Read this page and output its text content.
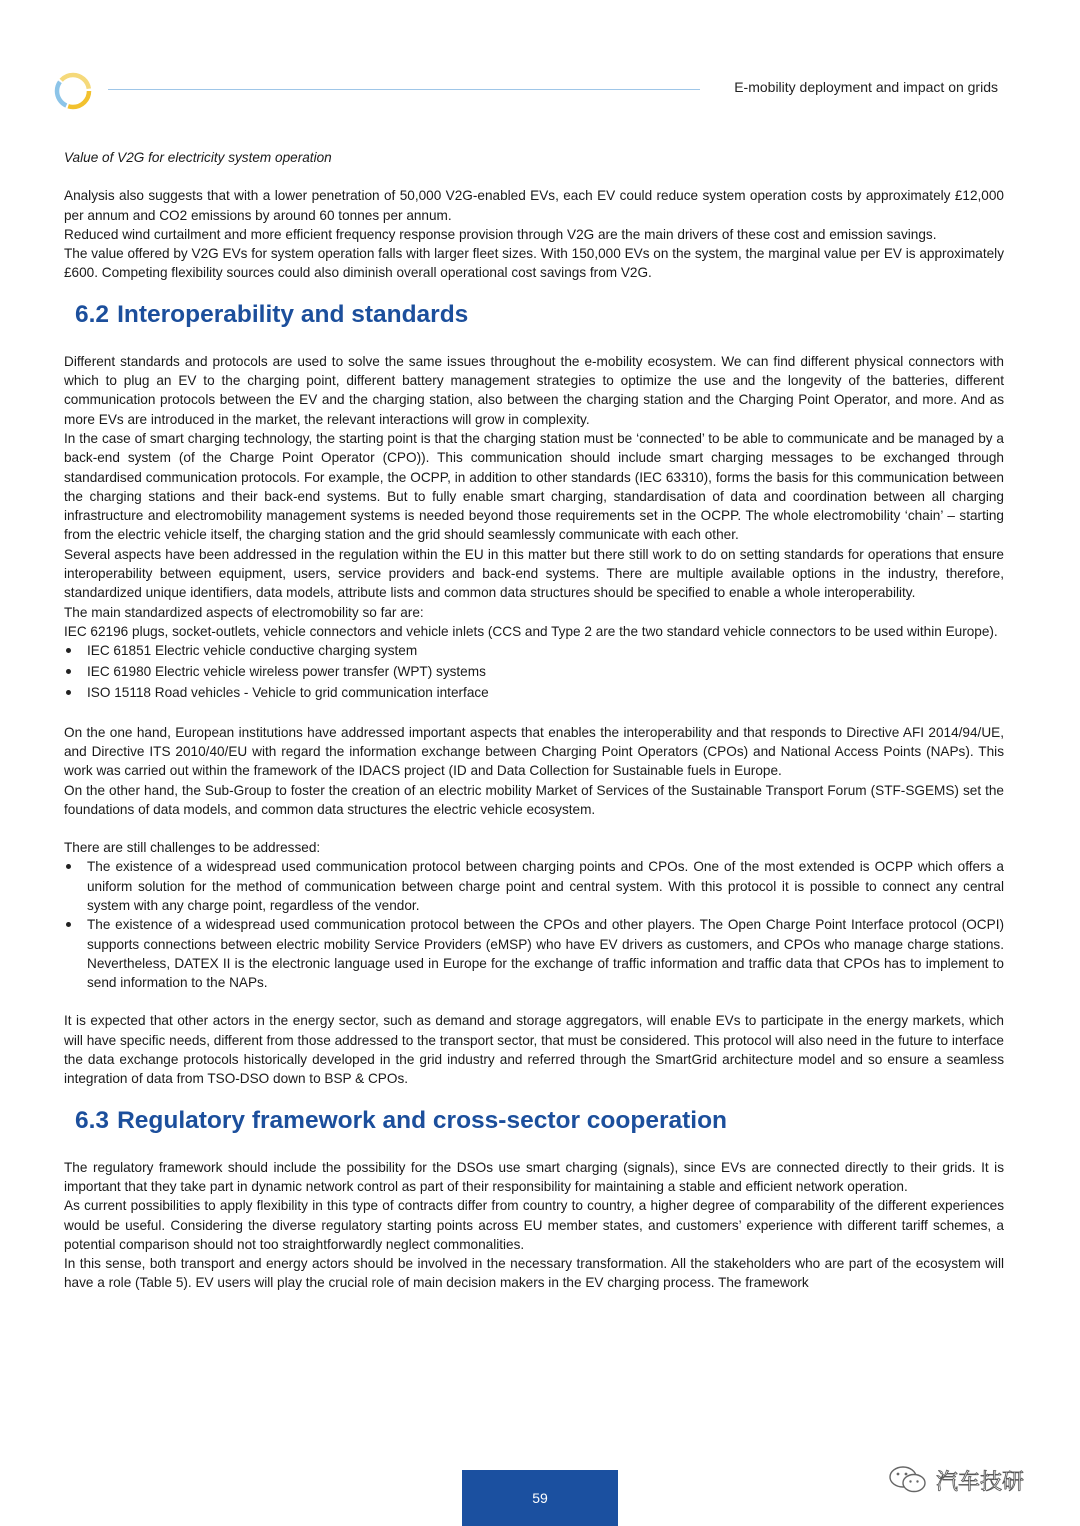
E-mobility deployment and impact on grids

Value of V2G for electricity system operation

Analysis also suggests that with a lower penetration of 50,000 V2G-enabled EVs, each EV could reduce system operation costs by approximately £12,000 per annum and CO2 emissions by around 60 tonnes per annum.

Reduced wind curtailment and more efficient frequency response provision through V2G are the main drivers of these cost and emission savings.

The value offered by V2G EVs for system operation falls with larger fleet sizes. With 150,000 EVs on the system, the marginal value per EV is approximately £600. Competing flexibility sources could also diminish overall operational cost savings from V2G.

6.2 Interoperability and standards

Different standards and protocols are used to solve the same issues throughout the e-mobility ecosystem. We can find different physical connectors with which to plug an EV to the charging point, different battery management strategies to optimize the use and the longevity of the batteries, different communication protocols between the EV and the charging station, also between the charging station and the Charging Point Operator, and more. And as more EVs are introduced in the market, the relevant interactions will grow in complexity.

In the case of smart charging technology, the starting point is that the charging station must be ‘connected’ to be able to communicate and be managed by a back-end system (of the Charge Point Operator (CPO)). This communication should include smart charging messages to be exchanged through standardised communication protocols. For example, the OCPP, in addition to other standards (IEC 63310), forms the basis for this communication between the charging stations and their back-end systems. But to fully enable smart charging, standardisation of data and coordination between all charging infrastructure and electromobility management systems is needed beyond those requirements set in the OCPP. The whole electromobility ‘chain’ – starting from the electric vehicle itself, the charging station and the grid should seamlessly communicate with each other.

Several aspects have been addressed in the regulation within the EU in this matter but there still work to do on setting standards for operations that ensure interoperability between equipment, users, service providers and back-end systems. There are multiple available options in the industry, therefore, standardized unique identifiers, data models, attribute lists and common data structures should be specified to enable a whole interoperability.

The main standardized aspects of electromobility so far are:

IEC 62196 plugs, socket-outlets, vehicle connectors and vehicle inlets (CCS and Type 2 are the two standard vehicle connectors to be used within Europe).

IEC 61851 Electric vehicle conductive charging system
IEC 61980 Electric vehicle wireless power transfer (WPT) systems
ISO 15118 Road vehicles - Vehicle to grid communication interface

On the one hand, European institutions have addressed important aspects that enables the interoperability and that responds to Directive AFI 2014/94/UE, and Directive ITS 2010/40/EU with regard the information exchange between Charging Point Operators (CPOs) and National Access Points (NAPs). This work was carried out within the framework of the IDACS project (ID and Data Collection for Sustainable fuels in Europe.

On the other hand, the Sub-Group to foster the creation of an electric mobility Market of Services of the Sustainable Transport Forum (STF-SGEMS) set the foundations of data models, and common data structures the electric vehicle ecosystem.

There are still challenges to be addressed:

The existence of a widespread used communication protocol between charging points and CPOs. One of the most extended is OCPP which offers a uniform solution for the method of communication between charge point and central system. With this protocol it is possible to connect any central system with any charge point, regardless of the vendor.
The existence of a widespread used communication protocol between the CPOs and other players. The Open Charge Point Interface protocol (OCPI) supports connections between electric mobility Service Providers (eMSP) who have EV drivers as customers, and CPOs who manage charge stations. Nevertheless, DATEX II is the electronic language used in Europe for the exchange of traffic information and traffic data that CPOs has to implement to send information to the NAPs.

It is expected that other actors in the energy sector, such as demand and storage aggregators, will enable EVs to participate in the energy markets, which will have specific needs, different from those addressed to the transport sector, that must be considered. This protocol will also need in the future to interface the data exchange protocols historically developed in the grid industry and referred through the SmartGrid architecture model and so ensure a seamless integration of data from TSO-DSO down to BSP & CPOs.

6.3 Regulatory framework and cross-sector cooperation

The regulatory framework should include the possibility for the DSOs use smart charging (signals), since EVs are connected directly to their grids. It is important that they take part in dynamic network control as part of their responsibility for maintaining a stable and efficient network operation.

As current possibilities to apply flexibility in this type of contracts differ from country to country, a higher degree of comparability of the different experiences would be useful. Considering the diverse regulatory starting points across EU member states, and customers’ experience with different tariff schemes, a potential comparison should not too straightforwardly neglect commonalities.

In this sense, both transport and energy actors should be involved in the necessary transformation. All the stakeholders who are part of the ecosystem will have a role (Table 5). EV users will play the crucial role of main decision makers in the EV charging process. The framework

59
汽车技研
